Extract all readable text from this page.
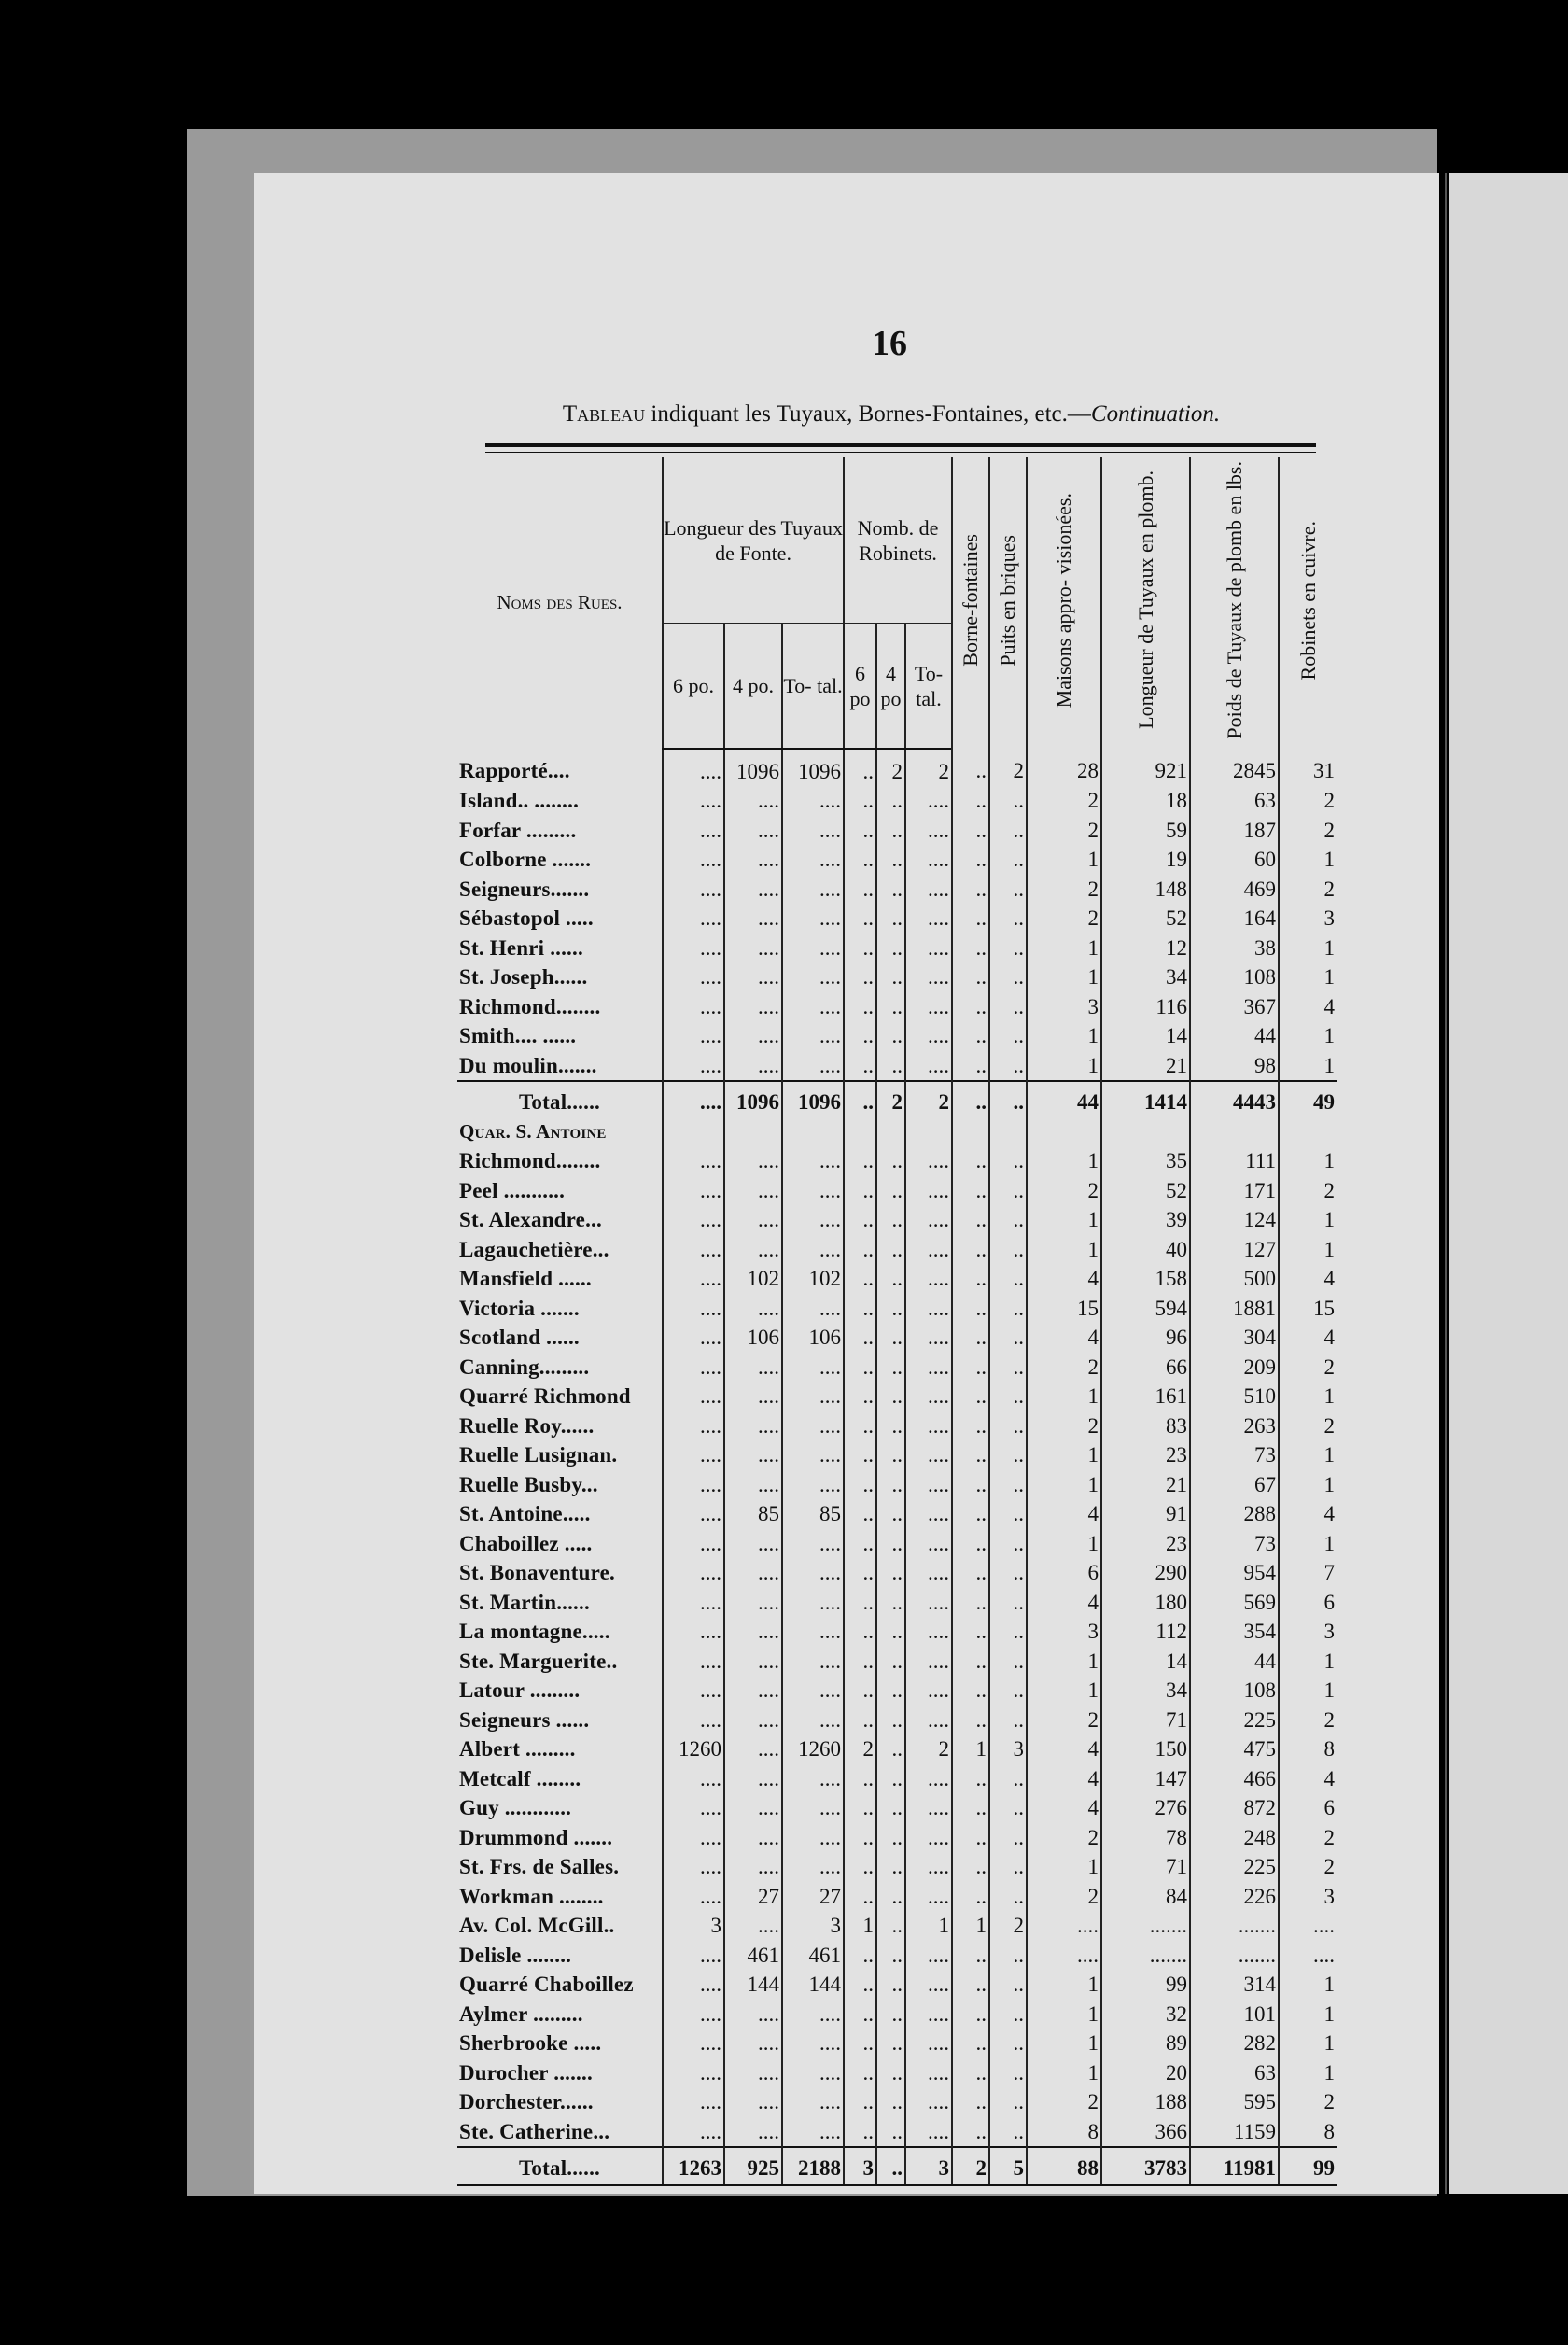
16
Tableau indiquant les Tuyaux, Bornes-Fontaines, etc.—Continuation.
Noms des Rues.	Longueur des Tuyaux de Fonte.			Nomb. de Robinets.			Borne-fontaines	Puits en briques	Maisons appro- visionées.	Longueur de Tuyaux en plomb.	Poids de Tuyaux de plomb en lbs.	Robinets en cuivre.
	6 po.	4 po.	To- tal.	6 po	4 po	To- tal.						
Rapporté....	....	1096	1096	..	2	2	..	2	28	921	2845	31
Island.. ........	....	....	....	..	..	....	..	..	2	18	63	2
Forfar .........	....	....	....	..	..	....	..	..	2	59	187	2
Colborne .......	....	....	....	..	..	....	..	..	1	19	60	1
Seigneurs.......	....	....	....	..	..	....	..	..	2	148	469	2
Sébastopol .....	....	....	....	..	..	....	..	..	2	52	164	3
St. Henri ......	....	....	....	..	..	....	..	..	1	12	38	1
St. Joseph......	....	....	....	..	..	....	..	..	1	34	108	1
Richmond........	....	....	....	..	..	....	..	..	3	116	367	4
Smith.... ......	....	....	....	..	..	....	..	..	1	14	44	1
Du moulin.......	....	....	....	..	..	....	..	..	1	21	98	1

Total......	....	1096	1096	..	2	2	..	..	44	1414	4443	49
Quar. S. Antoine												
Richmond........	....	....	....	..	..	....	..	..	1	35	111	1
Peel ...........	....	....	....	..	..	....	..	..	2	52	171	2
St. Alexandre...	....	....	....	..	..	....	..	..	1	39	124	1
Lagauchetière...	....	....	....	..	..	....	..	..	1	40	127	1
Mansfield ......	....	102	102	..	..	....	..	..	4	158	500	4
Victoria .......	....	....	....	..	..	....	..	..	15	594	1881	15
Scotland ......	....	106	106	..	..	....	..	..	4	96	304	4
Canning.........	....	....	....	..	..	....	..	..	2	66	209	2
Quarré Richmond	....	....	....	..	..	....	..	..	1	161	510	1
Ruelle Roy......	....	....	....	..	..	....	..	..	2	83	263	2
Ruelle Lusignan.	....	....	....	..	..	....	..	..	1	23	73	1
Ruelle Busby...	....	....	....	..	..	....	..	..	1	21	67	1
St. Antoine.....	....	85	85	..	..	....	..	..	4	91	288	4
Chaboillez .....	....	....	....	..	..	....	..	..	1	23	73	1
St. Bonaventure.	....	....	....	..	..	....	..	..	6	290	954	7
St. Martin......	....	....	....	..	..	....	..	..	4	180	569	6
La montagne.....	....	....	....	..	..	....	..	..	3	112	354	3
Ste. Marguerite..	....	....	....	..	..	....	..	..	1	14	44	1
Latour .........	....	....	....	..	..	....	..	..	1	34	108	1
Seigneurs ......	....	....	....	..	..	....	..	..	2	71	225	2
Albert .........	1260	....	1260	2	..	2	1	3	4	150	475	8
Metcalf ........	....	....	....	..	..	....	..	..	4	147	466	4
Guy ............	....	....	....	..	..	....	..	..	4	276	872	6
Drummond .......	....	....	....	..	..	....	..	..	2	78	248	2
St. Frs. de Salles.	....	....	....	..	..	....	..	..	1	71	225	2
Workman ........	....	27	27	..	..	....	..	..	2	84	226	3
Av. Col. McGill..	3	....	3	1	..	1	1	2	....	.......	.......	....
Delisle ........	....	461	461	..	..	....	..	..	....	.......	.......	....
Quarré Chaboillez	....	144	144	..	..	....	..	..	1	99	314	1
Aylmer .........	....	....	....	..	..	....	..	..	1	32	101	1
Sherbrooke .....	....	....	....	..	..	....	..	..	1	89	282	1
Durocher .......	....	....	....	..	..	....	..	..	1	20	63	1
Dorchester......	....	....	....	..	..	....	..	..	2	188	595	2
Ste. Catherine...	....	....	....	..	..	....	..	..	8	366	1159	8

Total......	1263	925	2188	3	..	3	2	5	88	3783	11981	99
